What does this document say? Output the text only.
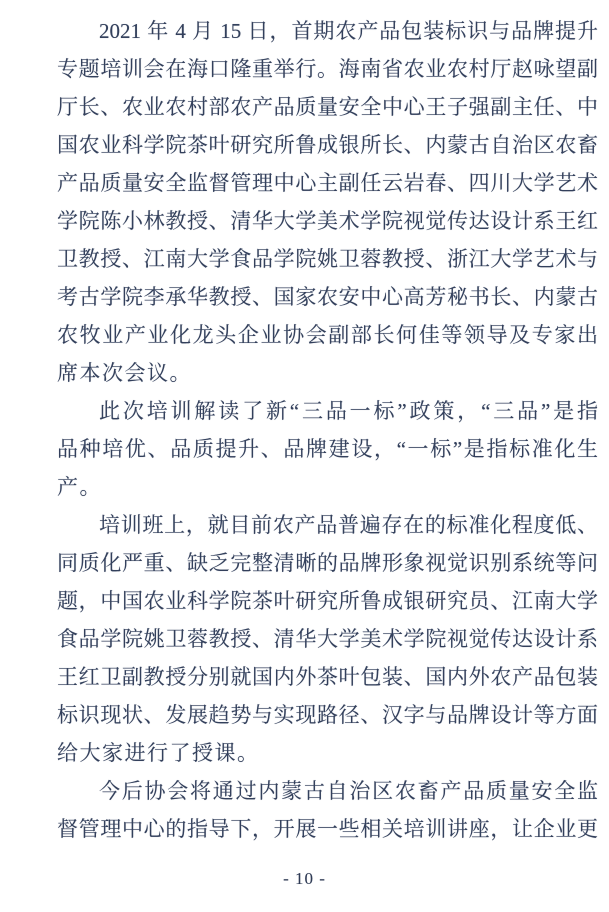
2021 年 4 月 15 日，首期农产品包装标识与品牌提升
专题培训会在海口隆重举行。海南省农业农村厅赵咏望副
厅长、农业农村部农产品质量安全中心王子强副主任、中
国农业科学院茶叶研究所鲁成银所长、内蒙古自治区农畜
产品质量安全监督管理中心主副任云岩春、四川大学艺术
学院陈小林教授、清华大学美术学院视觉传达设计系王红
卫教授、江南大学食品学院姚卫蓉教授、浙江大学艺术与
考古学院李承华教授、国家农安中心高芳秘书长、内蒙古
农牧业产业化龙头企业协会副部长何佳等领导及专家出
席本次会议。
此次培训解读了新“三品一标”政策，“三品”是指
品种培优、品质提升、品牌建设，“一标”是指标准化生
产。
培训班上，就目前农产品普遍存在的标准化程度低、
同质化严重、缺乏完整清晰的品牌形象视觉识别系统等问
题，中国农业科学院茶叶研究所鲁成银研究员、江南大学
食品学院姚卫蓉教授、清华大学美术学院视觉传达设计系
王红卫副教授分别就国内外茶叶包装、国内外农产品包装
标识现状、发展趋势与实现路径、汉字与品牌设计等方面
给大家进行了授课。
今后协会将通过内蒙古自治区农畜产品质量安全监
督管理中心的指导下，开展一些相关培训讲座，让企业更
- 10 -
